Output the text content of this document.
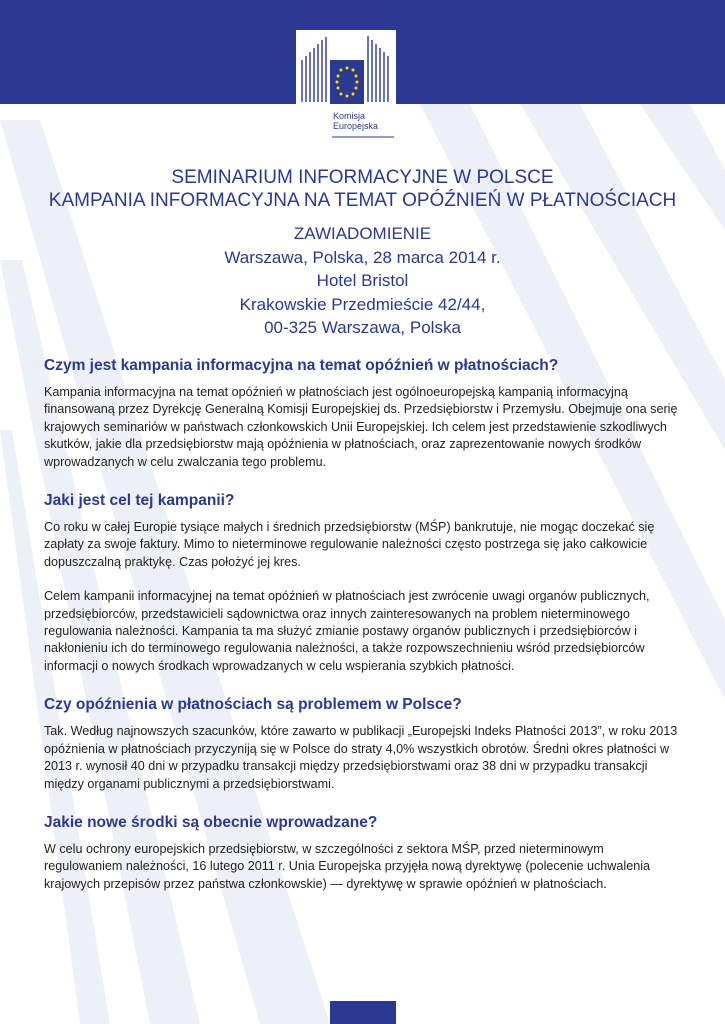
Komisja
Europejska
SEMINARIUM INFORMACYJNE W POLSCE
KAMPANIA INFORMACYJNA NA TEMAT OPÓŹNIEŃ W PŁATNOŚCIACH
ZAWIADOMIENIE
Warszawa, Polska, 28 marca 2014 r.
Hotel Bristol
Krakowskie Przedmieście 42/44,
00-325 Warszawa, Polska
Czym jest kampania informacyjna na temat opóźnień w płatnościach?

Kampania informacyjna na temat opóźnień w płatnościach jest ogólnoeuropejską kampanią informacyjną finansowaną przez Dyrekcję Generalną Komisji Europejskiej ds. Przedsiębiorstw i Przemysłu. Obejmuje ona serię krajowych seminariów w państwach członkowskich Unii Europejskiej. Ich celem jest przedstawienie szkodliwych skutków, jakie dla przedsiębiorstw mają opóźnienia w płatnościach, oraz zaprezentowanie nowych środków wprowadzanych w celu zwalczania tego problemu.

Jaki jest cel tej kampanii?

Co roku w całej Europie tysiące małych i średnich przedsiębiorstw (MŚP) bankrutuje, nie mogąc doczekać się zapłaty za swoje faktury. Mimo to nieterminowe regulowanie należności często postrzega się jako całkowicie dopuszczalną praktykę. Czas położyć jej kres.

Celem kampanii informacyjnej na temat opóźnień w płatnościach jest zwrócenie uwagi organów publicznych, przedsiębiorców, przedstawicieli sądownictwa oraz innych zainteresowanych na problem nieterminowego regulowania należności. Kampania ta ma służyć zmianie postawy organów publicznych i przedsiębiorców i nakłonieniu ich do terminowego regulowania należności, a także rozpowszechnieniu wśród przedsiębiorców informacji o nowych środkach wprowadzanych w celu wspierania szybkich płatności.

Czy opóźnienia w płatnościach są problemem w Polsce?

Tak. Według najnowszych szacunków, które zawarto w publikacji „Europejski Indeks Płatności 2013”, w roku 2013 opóźnienia w płatnościach przyczyniją się w Polsce do straty 4,0% wszystkich obrotów. Średni okres płatności w 2013 r. wynosił 40 dni w przypadku transakcji między przedsiębiorstwami oraz 38 dni w przypadku transakcji między organami publicznymi a przedsiębiorstwami.

Jakie nowe środki są obecnie wprowadzane?

W celu ochrony europejskich przedsiębiorstw, w szczególności z sektora MŚP, przed nieterminowym regulowaniem należności, 16 lutego 2011 r. Unia Europejska przyjęła nową dyrektywę (polecenie uchwalenia krajowych przepisów przez państwa członkowskie) — dyrektywę w sprawie opóźnień w płatnościach.
